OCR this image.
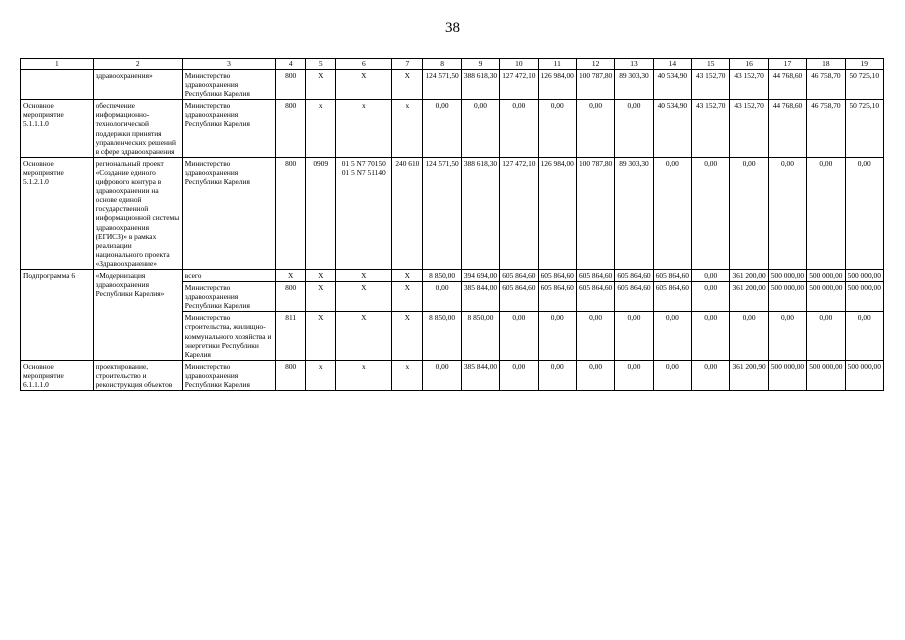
38
1	2	3	4	5	6	7	8	9	10	11	12	13	14	15	16	17	18	19
	здравоохранения»	Министерство здравоохранения Республики Карелия	800	X	X	X	124 571,50	388 618,30	127 472,10	126 984,00	100 787,80	89 303,30	40 534,90	43 152,70	43 152,70	44 768,60	46 758,70	50 725,10
Основное мероприятие 5.1.1.1.0	обеспечение информационно-технологической поддержки принятия управленческих решений в сфере здравоохранения	Министерство здравоохранения Республики Карелия	800	x	x	x	0,00	0,00	0,00	0,00	0,00	0,00	40 534,90	43 152,70	43 152,70	44 768,60	46 758,70	50 725,10
Основное мероприятие 5.1.2.1.0	региональный проект «Создание единого цифрового контура в здравоохранении на основе единой государственной информационной системы здравоохранения (ЕГИСЗ)» в рамках реализации национального проекта «Здравоохранение»	Министерство здравоохранения Республики Карелия	800	0909	01 5 N7 70150 01 5 N7 51140	240 610	124 571,50	388 618,30	127 472,10	126 984,00	100 787,80	89 303,30	0,00	0,00	0,00	0,00	0,00	0,00
Подпрограмма 6	«Модернизация здравоохранения Республики Карелия»	всего	X	X	X	X	8 850,00	394 694,00	605 864,60	605 864,60	605 864,60	605 864,60	605 864,60	0,00	361 200,00	500 000,00	500 000,00	500 000,00
		Министерство здравоохранения Республики Карелия	800	X	X	X	0,00	385 844,00	605 864,60	605 864,60	605 864,60	605 864,60	605 864,60	0,00	361 200,00	500 000,00	500 000,00	500 000,00
		Министерство строительства, жилищно-коммунального хозяйства и энергетики Республики Карелия	811	X	X	X	8 850,00	8 850,00	0,00	0,00	0,00	0,00	0,00	0,00	0,00	0,00	0,00	0,00
Основное мероприятие 6.1.1.1.0	проектирование, строительство и реконструкция объектов	Министерство здравоохранения Республики Карелия	800	x	x	x	0,00	385 844,00	0,00	0,00	0,00	0,00	0,00	0,00	361 200,90	500 000,00	500 000,00	500 000,00
